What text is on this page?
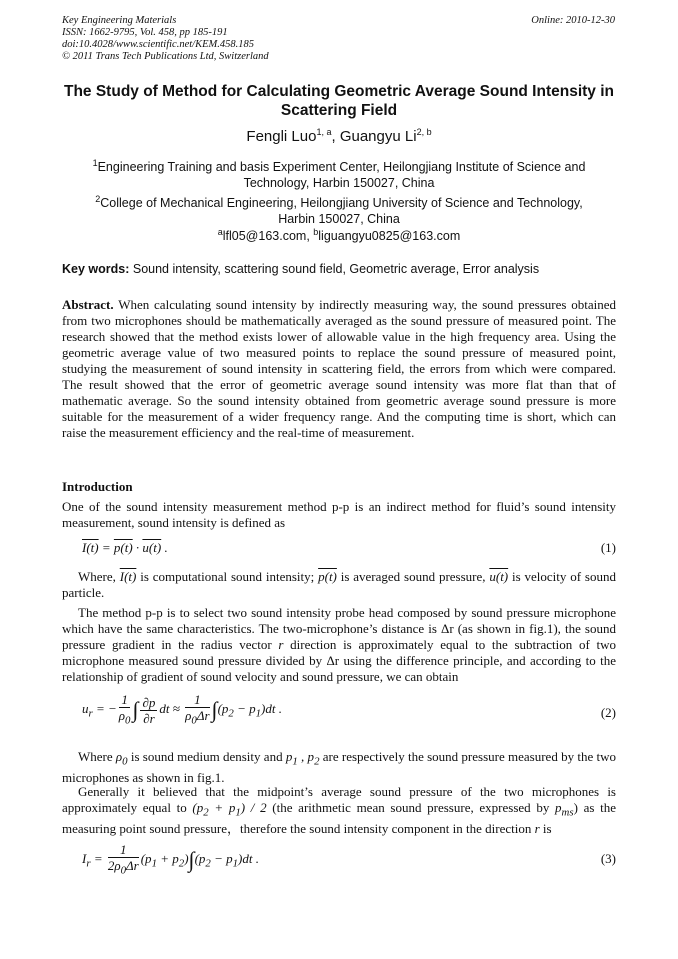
Key Engineering Materials
ISSN: 1662-9795, Vol. 458, pp 185-191
doi:10.4028/www.scientific.net/KEM.458.185
© 2011 Trans Tech Publications Ltd, Switzerland
Online: 2010-12-30
The Study of Method for Calculating Geometric Average Sound Intensity in Scattering Field
Fengli Luo$^{1, a}$, Guangyu Li$^{2, b}$
$^1$Engineering Training and basis Experiment Center, Heilongjiang Institute of Science and Technology, Harbin 150027, China
$^2$College of Mechanical Engineering, Heilongjiang University of Science and Technology, Harbin 150027, China
$^a$lfl05@163.com, $^b$liguangyu0825@163.com
Key words: Sound intensity, scattering sound field, Geometric average, Error analysis
Abstract. When calculating sound intensity by indirectly measuring way, the sound pressures obtained from two microphones should be mathematically averaged as the sound pressure of measured point. The research showed that the method exists lower of allowable value in the high frequency area. Using the geometric average value of two measured points to replace the sound pressure of measured point, studying the measurement of sound intensity in scattering field, the errors from which were compared. The result showed that the error of geometric average sound intensity was more flat than that of mathematic average. So the sound intensity obtained from geometric average sound pressure is more suitable for the measurement of a wider frequency range. And the computing time is short, which can raise the measurement efficiency and the real-time of measurement.
Introduction
One of the sound intensity measurement method p-p is an indirect method for fluid’s sound intensity measurement, sound intensity is defined as
I(t) = p(t) · u(t) .	(1)
Where, I(t) is computational sound intensity; p(t) is averaged sound pressure, u(t) is velocity of sound particle.
The method p-p is to select two sound intensity probe head composed by sound pressure microphone which have the same characteristics. The two-microphone’s distance is Δr (as shown in fig.1), the sound pressure gradient in the radius vector r direction is approximately equal to the subtraction of two microphone measured sound pressure divided by Δr using the difference principle, and according to the relationship of gradient of sound velocity and sound pressure, we can obtain
$u_r$ = − $\frac{1}{\rho_0}$ ∫ $\frac{\partial p}{\partial r}$ dt ≈ $\frac{1}{\rho_0\Delta r} \int(p_2 - p_1)dt$ .	(2)
Where $\rho_0$ is sound medium density and $p_1$ , $p_2$ are respectively the sound pressure measured by the two microphones as shown in fig.1.
Generally it believed that the midpoint’s average sound pressure of the two microphones is approximately equal to $(p_2 + p_1) / 2$ (the arithmetic mean sound pressure, expressed by $p_{ms}$) as the measuring point sound pressure，therefore the sound intensity component in the direction r is
$I_r = \frac{1}{2\rho_0\Delta r} (p_1 + p_2)\int(p_2 - p_1)dt$ .	(3)
